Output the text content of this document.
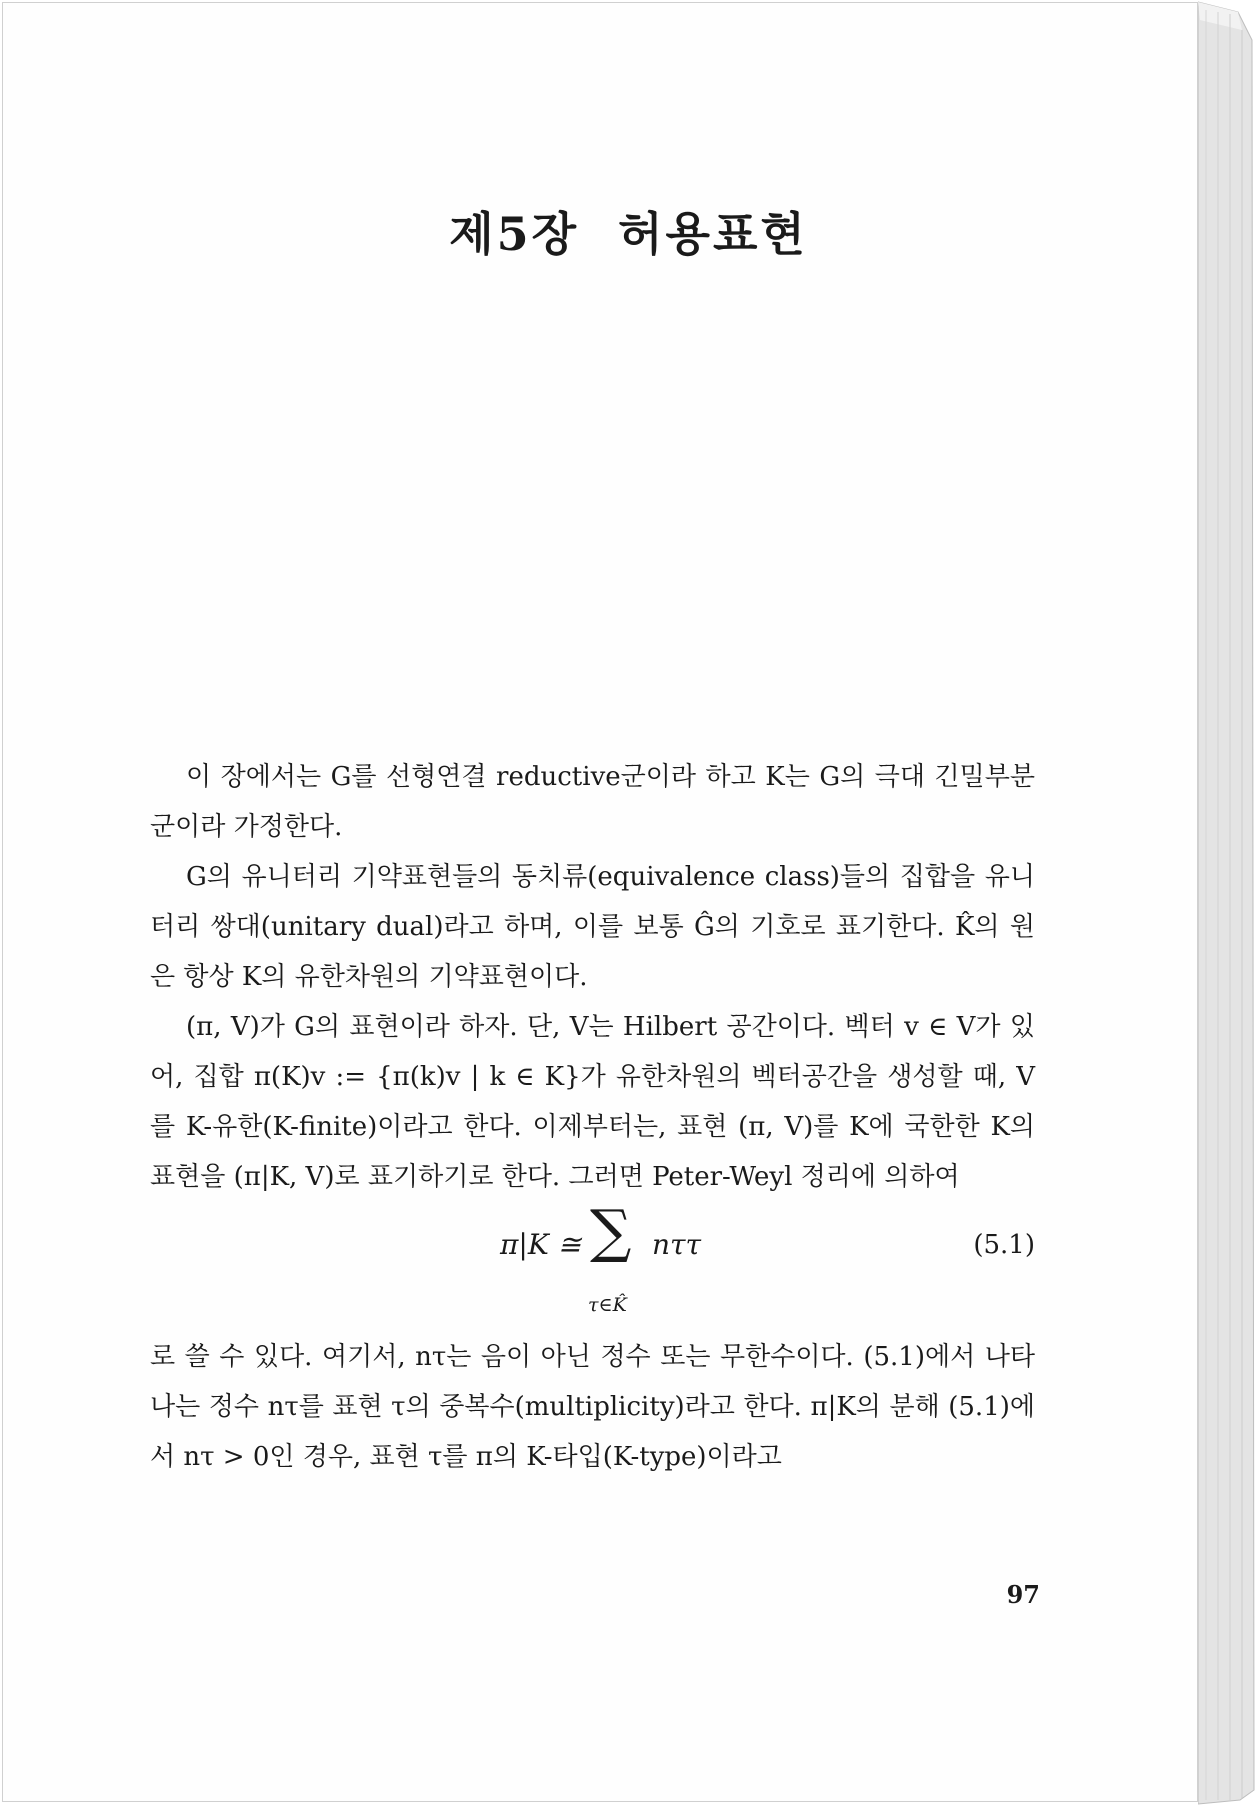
제5장 허용표현

이 장에서는 G를 선형연결 reductive군이라 하고 K는 G의 극대 긴밀부분군이라 가정한다.

G의 유니터리 기약표현들의 동치류(equivalence class)들의 집합을 유니터리 쌍대(unitary dual)라고 하며, 이를 보통 Ĝ의 기호로 표기한다. K̂의 원은 항상 K의 유한차원의 기약표현이다.

(π, V)가 G의 표현이라 하자. 단, V는 Hilbert 공간이다. 벡터 v ∈ V가 있어, 집합 π(K)v := {π(k)v | k ∈ K}가 유한차원의 벡터공간을 생성할 때, V를 K-유한(K-finite)이라고 한다. 이제부터는, 표현 (π, V)를 K에 국한한 K의 표현을 (π|K, V)로 표기하기로 한다. 그러면 Peter-Weyl 정리에 의하여

π|K ≅ ∑
τ∈K̂
nττ	(5.1)

로 쓸 수 있다. 여기서, nτ는 음이 아닌 정수 또는 무한수이다. (5.1)에서 나타나는 정수 nτ를 표현 τ의 중복수(multiplicity)라고 한다. π|K의 분해 (5.1)에서 nτ > 0인 경우, 표현 τ를 π의 K-타입(K-type)이라고

97
